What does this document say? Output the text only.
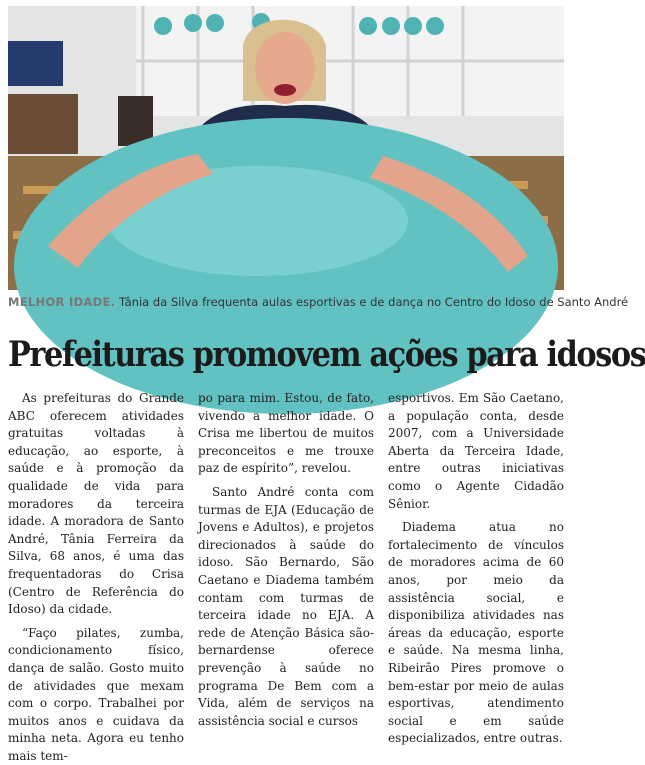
MELHOR IDADE. Tânia da Silva frequenta aulas esportivas e de dança no Centro do Idoso de Santo André
Prefeituras promovem ações para idosos

As prefeituras do Grande ABC oferecem atividades gratuitas voltadas à educação, ao esporte, à saúde e à promoção da qualidade de vida para moradores da terceira idade. A moradora de Santo André, Tânia Ferreira da Silva, 68 anos, é uma das frequentadoras do Crisa (Centro de Referência do Idoso) da cidade.

“Faço pilates, zumba, condicionamento físico, dança de salão. Gosto muito de atividades que mexam com o corpo. Trabalhei por muitos anos e cuidava da minha neta. Agora eu tenho mais tem-

po para mim. Estou, de fato, vivendo a melhor idade. O Crisa me libertou de muitos preconceitos e me trouxe paz de espírito”, revelou.

Santo André conta com turmas de EJA (Educação de Jovens e Adultos), e projetos direcionados à saúde do idoso. São Bernardo, São Caetano e Diadema também contam com turmas de terceira idade no EJA. A rede de Atenção Básica são-bernardense oferece prevenção à saúde no programa De Bem com a Vida, além de serviços na assistência social e cursos

esportivos. Em São Caetano, a população conta, desde 2007, com a Universidade Aberta da Terceira Idade, entre outras iniciativas como o Agente Cidadão Sênior.

Diadema atua no fortalecimento de vínculos de moradores acima de 60 anos, por meio da assistência social, e disponibiliza atividades nas áreas da educação, esporte e saúde. Na mesma linha, Ribeirão Pires promove o bem-estar por meio de aulas esportivas, atendimento social e em saúde especializados, entre outras.
